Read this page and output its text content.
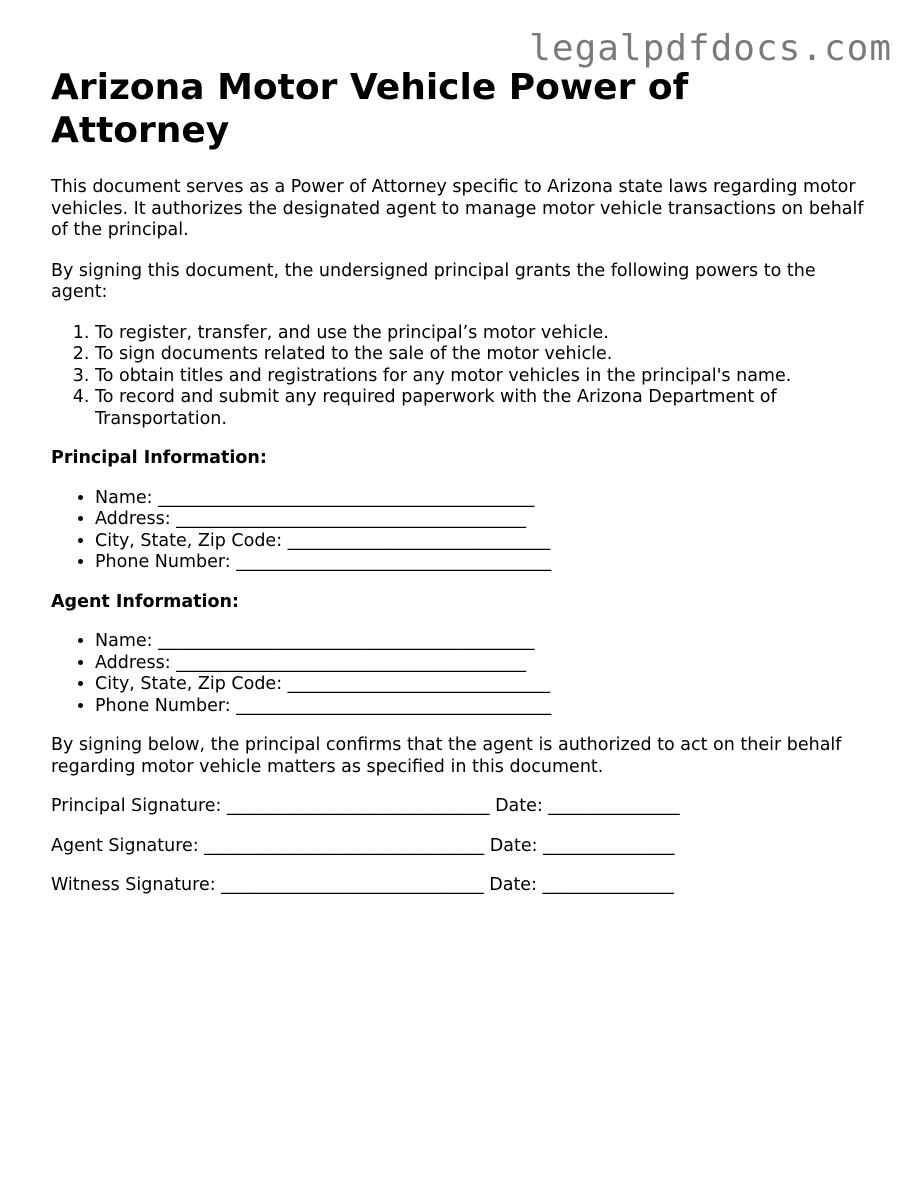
legalpdfdocs.com
Arizona Motor Vehicle Power of Attorney

This document serves as a Power of Attorney specific to Arizona state laws regarding motor vehicles. It authorizes the designated agent to manage motor vehicle transactions on behalf of the principal.

By signing this document, the undersigned principal grants the following powers to the agent:

1. To register, transfer, and use the principal’s motor vehicle.
2. To sign documents related to the sale of the motor vehicle.
3. To obtain titles and registrations for any motor vehicles in the principal's name.
4. To record and submit any required paperwork with the Arizona Department of Transportation.
Principal Information:
• Name: ___________________________________________
• Address: ________________________________________
• City, State, Zip Code: ______________________________
• Phone Number: ____________________________________
Agent Information:
• Name: ___________________________________________
• Address: ________________________________________
• City, State, Zip Code: ______________________________
• Phone Number: ____________________________________

By signing below, the principal confirms that the agent is authorized to act on their behalf regarding motor vehicle matters as specified in this document.

Principal Signature: ______________________________ Date: _______________

Agent Signature: ________________________________ Date: _______________

Witness Signature: ______________________________ Date: _______________
